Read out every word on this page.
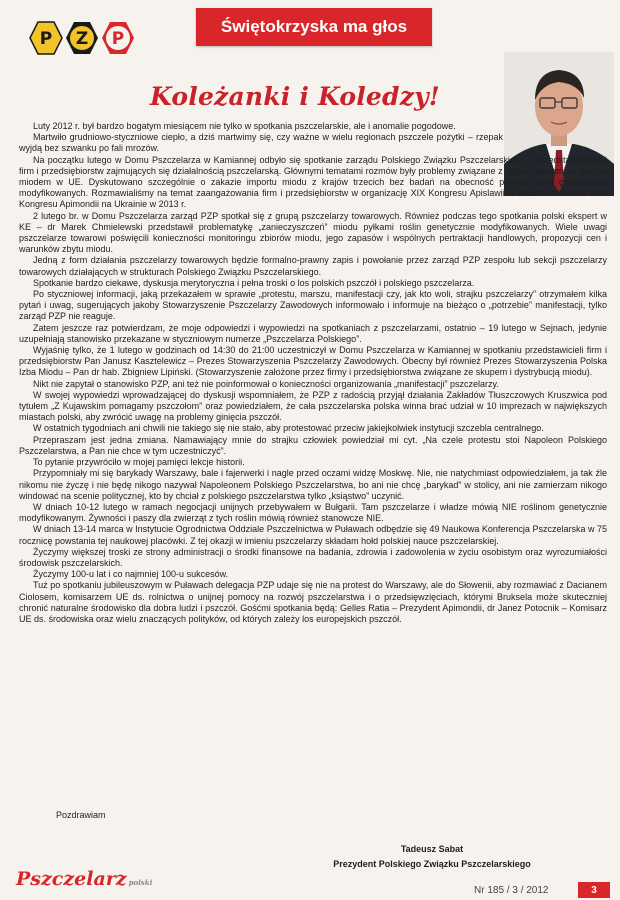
P Z P
Świętokrzyska ma głos
Koleżanki i Koledzy!

Luty 2012 r. był bardzo bogatym miesiącem nie tylko w spotkania pszczelarskie, ale i anomalie pogodowe.

Martwiło grudniowo-styczniowe ciepło, a dziś martwimy się, czy ważne w wielu regionach pszczele pożytki – rzepak wyjdą bez szwanku po fali mrozów.

Na początku lutego w Domu Pszczelarza w Kamiannej odbyło się spotkanie zarządu Polskiego Związku Pszczelarskiego z przedstawicielami firm i przedsiębiorstw zajmujących się działalnością pszczelarską. Głównymi tematami rozmów były problemy związane z ograniczeniami w obrocie miodem w UE. Dyskutowano szczególnie o zakazie importu miodu z krajów trzecich bez badań na obecność pyłków roślin genetycznie modyfikowanych. Rozmawialiśmy na temat zaangażowania firm i przedsiębiorstw w organizację XIX Kongresu Apislawii w 2012 r. w Polsce oraz Kongresu Apimondii na Ukrainie w 2013 r.

2 lutego br. w Domu Pszczelarza zarząd PZP spotkał się z grupą pszczelarzy towarowych. Również podczas tego spotkania polski ekspert w KE – dr Marek Chmielewski przedstawił problematykę „zanieczyszczeń” miodu pyłkami roślin genetycznie modyfikowanych. Wiele uwagi pszczelarze towarowi poświęcili konieczności monitoringu zbiorów miodu, jego zapasów i wspólnych pertraktacji handlowych, propozycji cen i warunków zbytu miodu.

Jedną z form działania pszczelarzy towarowych będzie formalno-prawny zapis i powołanie przez zarząd PZP zespołu lub sekcji pszczelarzy towarowych działających w strukturach Polskiego Związku Pszczelarskiego.

Spotkanie bardzo ciekawe, dyskusja merytoryczna i pełna troski o los polskich pszczół i polskiego pszczelarza.

Po styczniowej informacji, jaką przekazałem w sprawie „protestu, marszu, manifestacji czy, jak kto woli, strajku pszczelarzy” otrzymałem kilka pytań i uwag, sugerujących jakoby Stowarzyszenie Pszczelarzy Zawodowych informowało i informuje na bieżąco o „potrzebie” manifestacji, tylko zarząd PZP nie reaguje.

Zatem jeszcze raz potwierdzam, że moje odpowiedzi i wypowiedzi na spotkaniach z pszczelarzami, ostatnio – 19 lutego w Sejnach, jedynie uzupełniają stanowisko przekazane w styczniowym numerze „Pszczelarza Polskiego”.

Wyjaśnię tylko, że 1 lutego w godzinach od 14:30 do 21:00 uczestniczył w Domu Pszczelarza w Kamiannej w spotkaniu przedstawicieli firm i przedsiębiorstw Pan Janusz Kasztelewicz – Prezes Stowarzyszenia Pszczelarzy Zawodowych. Obecny był również Prezes Stowarzyszenia Polska Izba Miodu – Pan dr hab. Zbigniew Lipiński. (Stowarzyszenie założone przez firmy i przedsiębiorstwa związane ze skupem i dystrybucją miodu).

Nikt nie zapytał o stanowisko PZP, ani też nie poinformował o konieczności organizowania „manifestacji” pszczelarzy.

W swojej wypowiedzi wprowadzającej do dyskusji wspomniałem, że PZP z radością przyjął działania Zakładów Tłuszczowych Kruszwica pod tytułem „Z Kujawskim pomagamy pszczołom” oraz powiedziałem, że cała pszczelarska polska winna brać udział w 10 imprezach w największych miastach polski, aby zwrócić uwagę na problemy ginięcia pszczół.

W ostatnich tygodniach ani chwili nie takiego się nie stało, aby protestować przeciw jakiejkolwiek instytucji szczebla centralnego.

Przepraszam jest jedna zmiana. Namawiający mnie do strajku człowiek powiedział mi cyt. „Na czele protestu stoi Napoleon Polskiego Pszczelarstwa, a Pan nie chce w tym uczestniczyć”.

To pytanie przywróciło w mojej pamięci lekcje historii.

Przypomniały mi się barykady Warszawy, bale i fajerwerki i nagle przed oczami widzę Moskwę. Nie, nie natychmiast odpowiedziałem, ja tak źle nikomu nie życzę i nie będę nikogo nazywał Napoleonem Polskiego Pszczelarstwa, bo ani nie chcę „barykad” w stolicy, ani nie zamierzam nikogo windować na scenie politycznej, kto by chciał z polskiego pszczelarstwa tylko „ksiąstwo” uczynić.

W dniach 10-12 lutego w ramach negocjacji unijnych przebywałem w Bułgarii. Tam pszczelarze i władze mówią NIE roślinom genetycznie modyfikowanym. Żywności i paszy dla zwierząt z tych roślin mówią również stanowcze NIE.

W dniach 13-14 marca w Instytucie Ogrodnictwa Oddziale Pszczelnictwa w Puławach odbędzie się 49 Naukowa Konferencja Pszczelarska w 75 rocznicę powstania tej naukowej placówki. Z tej okazji w imieniu pszczelarzy składam hołd polskiej nauce pszczelarskiej.

Życzymy większej troski ze strony administracji o środki finansowe na badania, zdrowia i zadowolenia w życiu osobistym oraz wyrozumiałości środowisk pszczelarskich.

Życzymy 100-u lat i co najmniej 100-u sukcesów.

Tuż po spotkaniu jubileuszowym w Puławach delegacja PZP udaje się nie na protest do Warszawy, ale do Słowenii, aby rozmawiać z Dacianem Ciolosem, komisarzem UE ds. rolnictwa o unijnej pomocy na rozwój pszczelarstwa i o przedsięwzięciach, którymi Bruksela może skuteczniej chronić naturalne środowisko dla dobra ludzi i pszczół. Gośćmi spotkania będą: Gelles Ratia – Prezydent Apimondii, dr Janez Potocnik – Komisarz UE ds. środowiska oraz wielu znaczących polityków, od których zależy los europejskich pszczół.

Pozdrawiam
Tadeusz Sabat
Prezydent Polskiego Związku Pszczelarskiego
Pszczelarz polski
Nr 185 / 3 / 2012	3
